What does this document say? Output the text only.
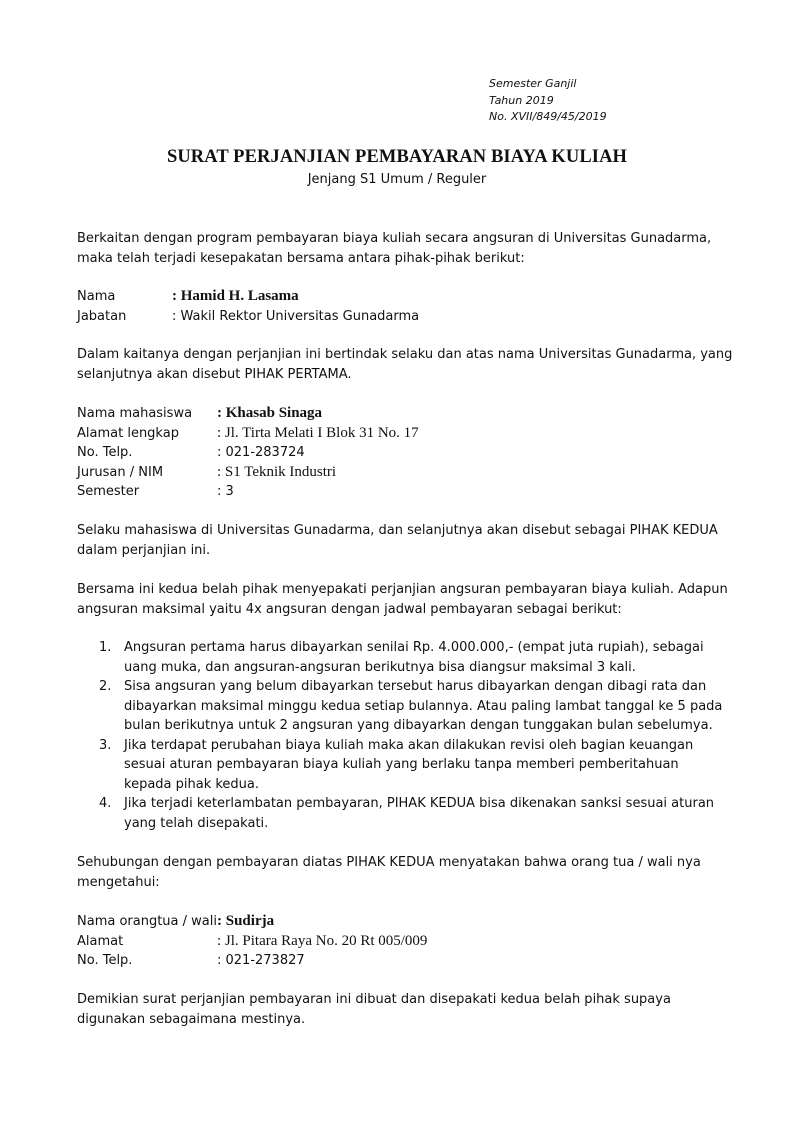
Semester Ganjil
Tahun 2019
No. XVII/849/45/2019
SURAT PERJANJIAN PEMBAYARAN BIAYA KULIAH
Jenjang S1 Umum / Reguler

Berkaitan dengan program pembayaran biaya kuliah secara angsuran di Universitas Gunadarma,

maka telah terjadi kesepakatan bersama antara pihak-pihak berikut:

Nama	: Hamid H. Lasama
Jabatan	: Wakil Rektor Universitas Gunadarma

Dalam kaitanya dengan perjanjian ini bertindak selaku dan atas nama Universitas Gunadarma, yang

selanjutnya akan disebut PIHAK PERTAMA.

Nama mahasiswa : Khasab Sinaga
Alamat lengkap	: Jl. Tirta Melati I Blok 31 No. 17
No. Telp.	: 021-283724
Jurusan / NIM	: S1 Teknik Industri
Semester	: 3

Selaku mahasiswa di Universitas Gunadarma, dan selanjutnya akan disebut sebagai PIHAK KEDUA

dalam perjanjian ini.

Bersama ini kedua belah pihak menyepakati perjanjian angsuran pembayaran biaya kuliah. Adapun

angsuran maksimal yaitu 4x angsuran dengan jadwal pembayaran sebagai berikut:

1. Angsuran pertama harus dibayarkan senilai Rp. 4.000.000,- (empat juta rupiah), sebagai
uang muka, dan angsuran-angsuran berikutnya bisa diangsur maksimal 3 kali.
2. Sisa angsuran yang belum dibayarkan tersebut harus dibayarkan dengan dibagi rata dan
dibayarkan maksimal minggu kedua setiap bulannya. Atau paling lambat tanggal ke 5 pada
bulan berikutnya untuk 2 angsuran yang dibayarkan dengan tunggakan bulan sebelumya.
3. Jika terdapat perubahan biaya kuliah maka akan dilakukan revisi oleh bagian keuangan
sesuai aturan pembayaran biaya kuliah yang berlaku tanpa memberi pemberitahuan
kepada pihak kedua.
4. Jika terjadi keterlambatan pembayaran, PIHAK KEDUA bisa dikenakan sanksi sesuai aturan
yang telah disepakati.

Sehubungan dengan pembayaran diatas PIHAK KEDUA menyatakan bahwa orang tua / wali nya

mengetahui:

Nama orangtua / wali : Sudirja
Alamat	: Jl. Pitara Raya No. 20 Rt 005/009
No. Telp.	: 021-273827

Demikian surat perjanjian pembayaran ini dibuat dan disepakati kedua belah pihak supaya

digunakan sebagaimana mestinya.
